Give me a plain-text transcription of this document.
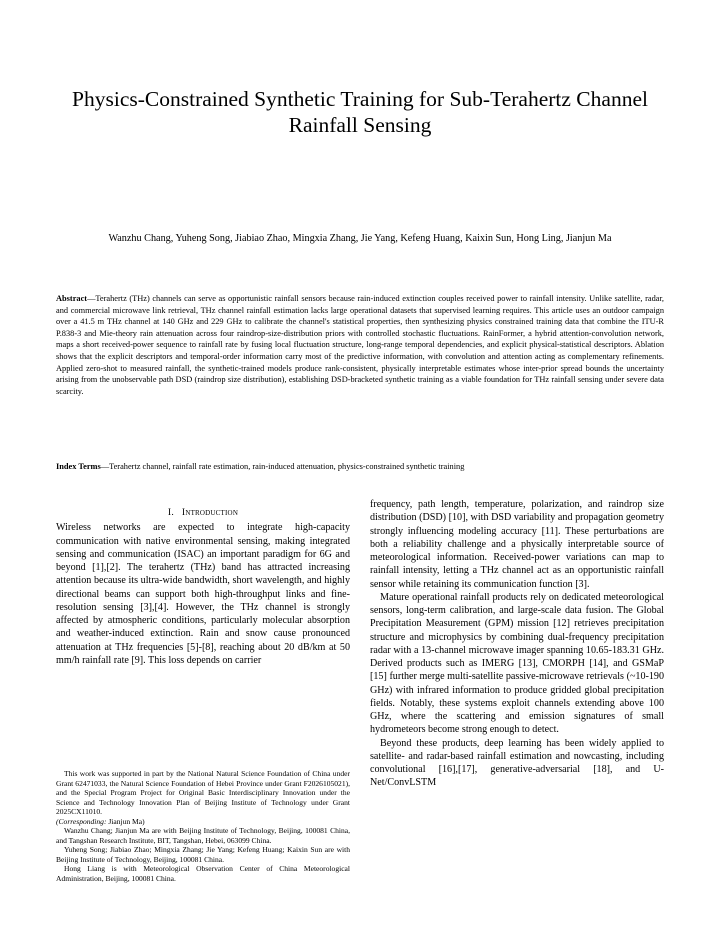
Physics-Constrained Synthetic Training for Sub-Terahertz Channel Rainfall Sensing
Wanzhu Chang, Yuheng Song, Jiabiao Zhao, Mingxia Zhang, Jie Yang, Kefeng Huang, Kaixin Sun, Hong Ling, Jianjun Ma
Abstract—Terahertz (THz) channels can serve as opportunistic rainfall sensors because rain-induced extinction couples received power to rainfall intensity. Unlike satellite, radar, and commercial microwave link retrieval, THz channel rainfall estimation lacks large operational datasets that supervised learning requires. This article uses an outdoor campaign over a 41.5 m THz channel at 140 GHz and 229 GHz to calibrate the channel's statistical properties, then synthesizing physics constrained training data that combine the ITU-R P.838-3 and Mie-theory rain attenuation across four raindrop-size-distribution priors with controlled stochastic fluctuations. RainFormer, a hybrid attention-convolution network, maps a short received-power sequence to rainfall rate by fusing local fluctuation structure, long-range temporal dependencies, and explicit physical-statistical descriptors. Ablation shows that the explicit descriptors and temporal-order information carry most of the predictive information, with convolution and attention acting as complementary refinements. Applied zero-shot to measured rainfall, the synthetic-trained models produce rank-consistent, physically interpretable estimates whose inter-prior spread bounds the uncertainty arising from the unobservable path DSD (raindrop size distribution), establishing DSD-bracketed synthetic training as a viable foundation for THz rainfall sensing under severe data scarcity.
Index Terms—Terahertz channel, rainfall rate estimation, rain-induced attenuation, physics-constrained synthetic training

I. Introduction

Wireless networks are expected to integrate high-capacity communication with native environmental sensing, making integrated sensing and communication (ISAC) an important paradigm for 6G and beyond [1],[2]. The terahertz (THz) band has attracted increasing attention because its ultra-wide bandwidth, short wavelength, and highly directional beams can support both high-throughput links and fine-resolution sensing [3],[4]. However, the THz channel is strongly affected by atmospheric conditions, particularly molecular absorption and weather-induced extinction. Rain and snow cause pronounced attenuation at THz frequencies [5]-[8], reaching about 20 dB/km at 50 mm/h rainfall rate [9]. This loss depends on carrier

This work was supported in part by the National Natural Science Foundation of China under Grant 62471033, the Natural Science Foundation of Hebei Province under Grant F2026105021), and the Special Program Project for Original Basic Interdisciplinary Innovation under the Science and Technology Innovation Plan of Beijing Institute of Technology under Grant 2025CX11010.
(Corresponding: Jianjun Ma)

Wanzhu Chang; Jianjun Ma are with Beijing Institute of Technology, Beijing, 100081 China, and Tangshan Research Institute, BIT, Tangshan, Hebei, 063099 China.

Yuheng Song; Jiabiao Zhao; Mingxia Zhang; Jie Yang; Kefeng Huang; Kaixin Sun are with Beijing Institute of Technology, Beijing, 100081 China.

Hong Liang is with Meteorological Observation Center of China Meteorological Administration, Beijing, 100081 China.

frequency, path length, temperature, polarization, and raindrop size distribution (DSD) [10], with DSD variability and propagation geometry strongly influencing modeling accuracy [11]. These perturbations are both a reliability challenge and a physically interpretable source of meteorological information. Received-power variations can map to rainfall intensity, letting a THz channel act as an opportunistic rainfall sensor while retaining its communication function [3].

Mature operational rainfall products rely on dedicated meteorological sensors, long-term calibration, and large-scale data fusion. The Global Precipitation Measurement (GPM) mission [12] retrieves precipitation structure and microphysics by combining dual-frequency precipitation radar with a 13-channel microwave imager spanning 10.65-183.31 GHz. Derived products such as IMERG [13], CMORPH [14], and GSMaP [15] further merge multi-satellite passive-microwave retrievals (~10-190 GHz) with infrared information to produce gridded global precipitation fields. Notably, these systems exploit channels extending above 100 GHz, where the scattering and emission signatures of small hydrometeors become strong enough to detect.

Beyond these products, deep learning has been widely applied to satellite- and radar-based rainfall estimation and nowcasting, including convolutional [16],[17], generative-adversarial [18], and U-Net/ConvLSTM
